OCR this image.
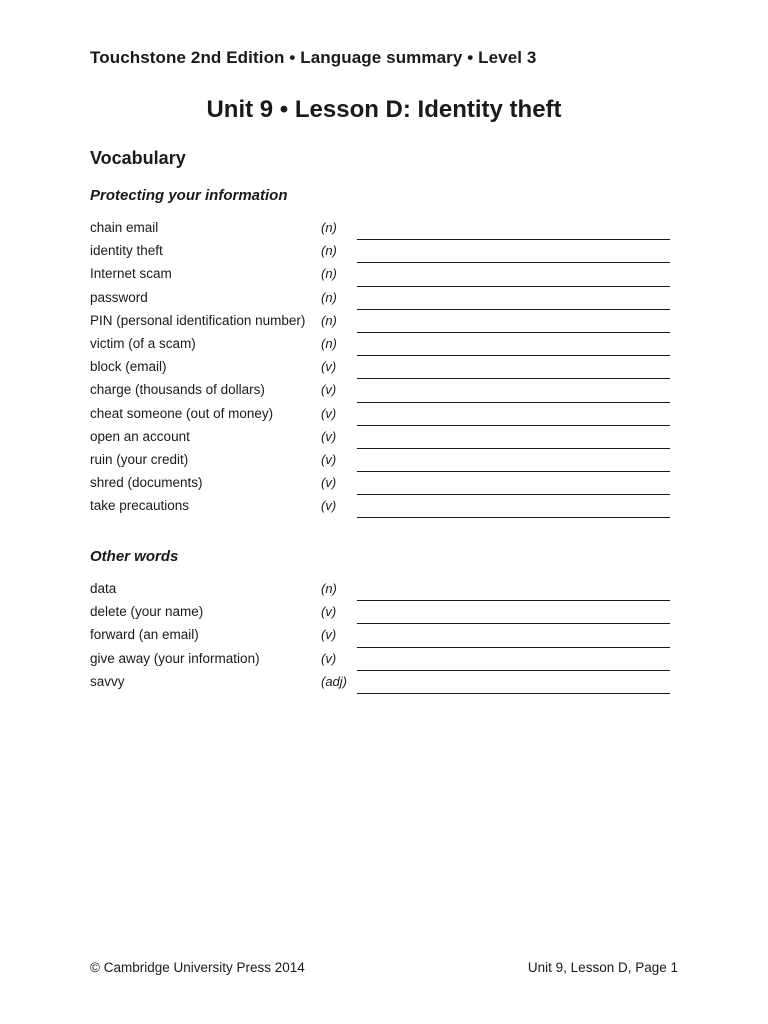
Touchstone 2nd Edition • Language summary • Level 3
Unit 9 • Lesson D: Identity theft
Vocabulary
Protecting your information
chain email	(n)
identity theft	(n)
Internet scam	(n)
password	(n)
PIN (personal identification number)	(n)
victim (of a scam)	(n)
block (email)	(v)
charge (thousands of dollars)	(v)
cheat someone (out of money)	(v)
open an account	(v)
ruin (your credit)	(v)
shred (documents)	(v)
take precautions	(v)
Other words
data	(n)
delete (your name)	(v)
forward (an email)	(v)
give away (your information)	(v)
savvy	(adj)
© Cambridge University Press 2014	Unit 9, Lesson D, Page 1
